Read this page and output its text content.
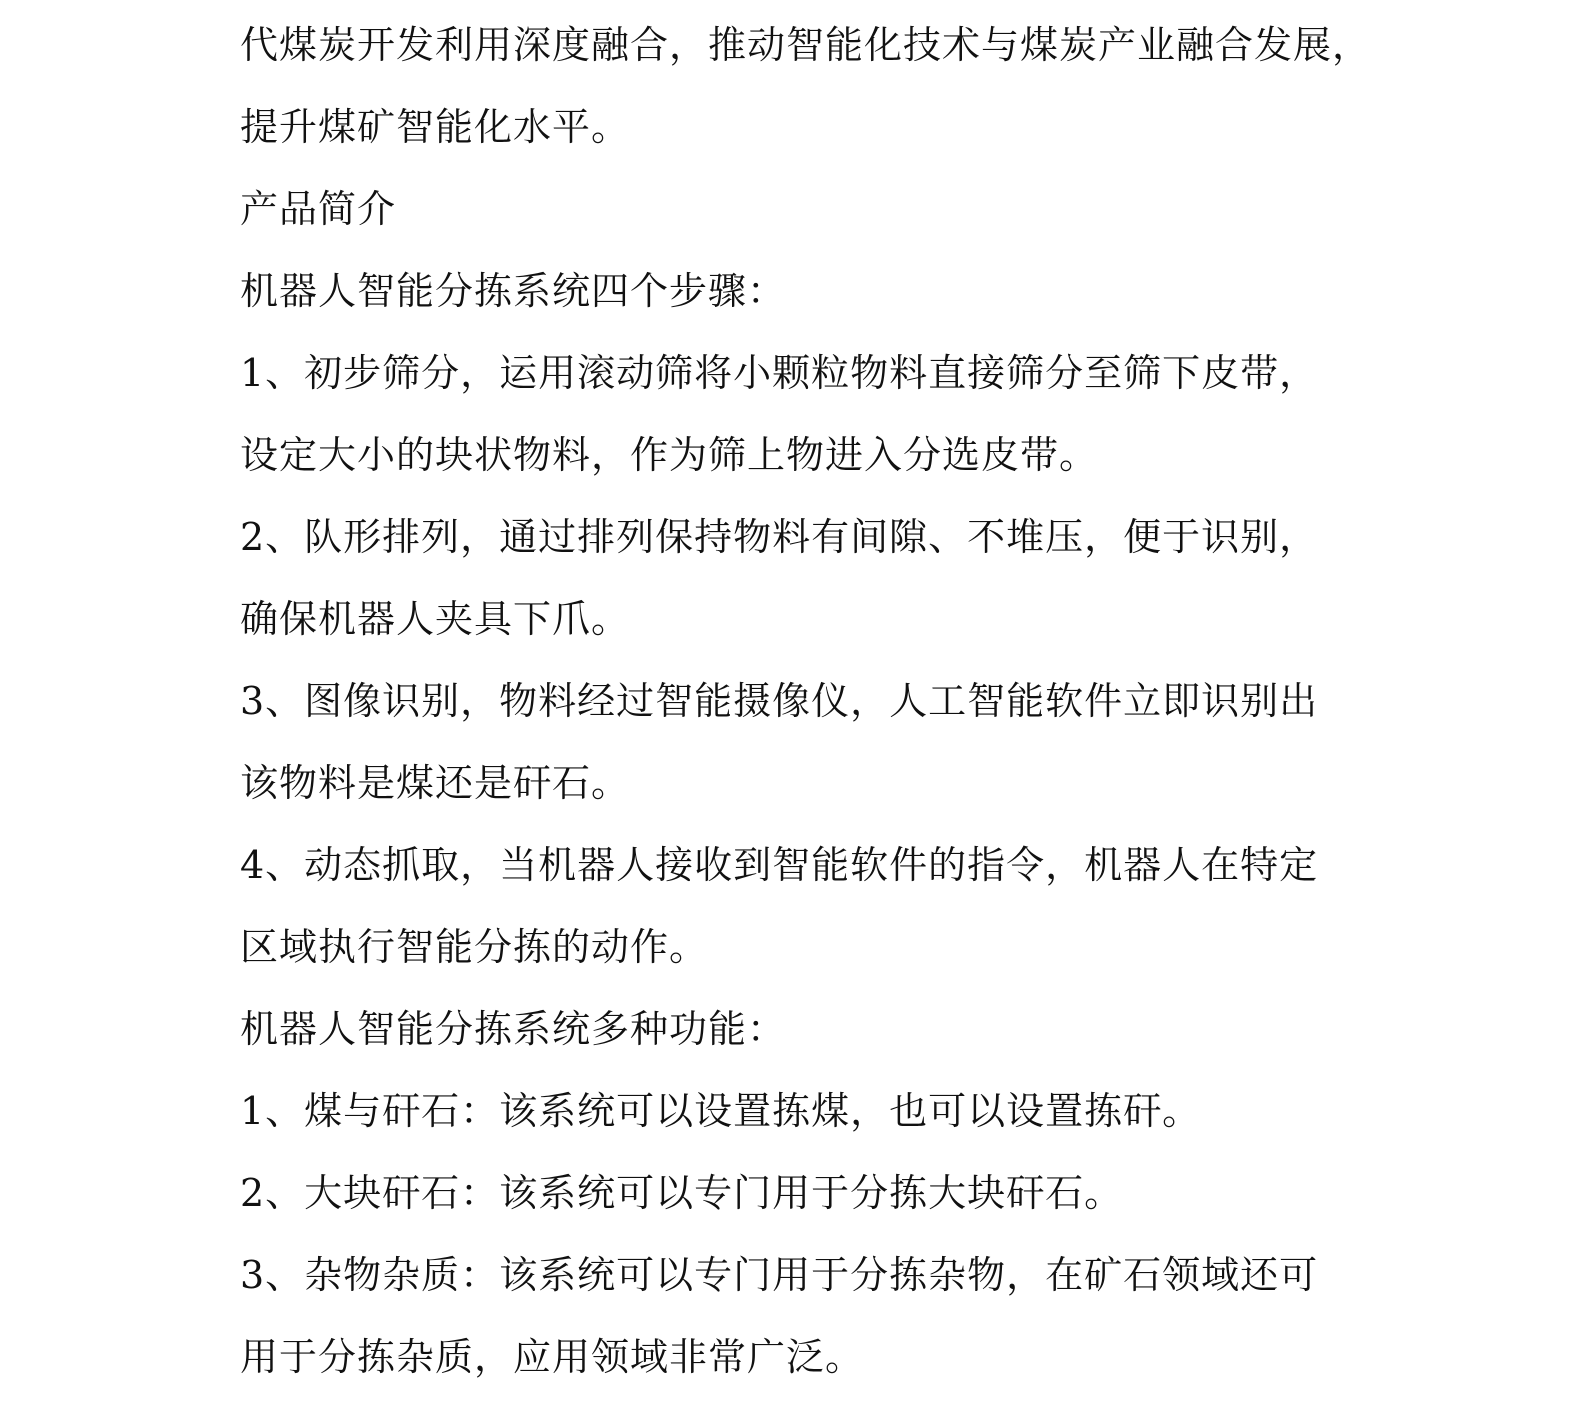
代煤炭开发利用深度融合，推动智能化技术与煤炭产业融合发展，
提升煤矿智能化水平。
产品简介
机器人智能分拣系统四个步骤：
1、初步筛分，运用滚动筛将小颗粒物料直接筛分至筛下皮带，
设定大小的块状物料，作为筛上物进入分选皮带。
2、队形排列，通过排列保持物料有间隙、不堆压，便于识别，
确保机器人夹具下爪。
3、图像识别，物料经过智能摄像仪，人工智能软件立即识别出
该物料是煤还是矸石。
4、动态抓取，当机器人接收到智能软件的指令，机器人在特定
区域执行智能分拣的动作。
机器人智能分拣系统多种功能：
1、煤与矸石：该系统可以设置拣煤，也可以设置拣矸。
2、大块矸石：该系统可以专门用于分拣大块矸石。
3、杂物杂质：该系统可以专门用于分拣杂物，在矿石领域还可
用于分拣杂质，应用领域非常广泛。
